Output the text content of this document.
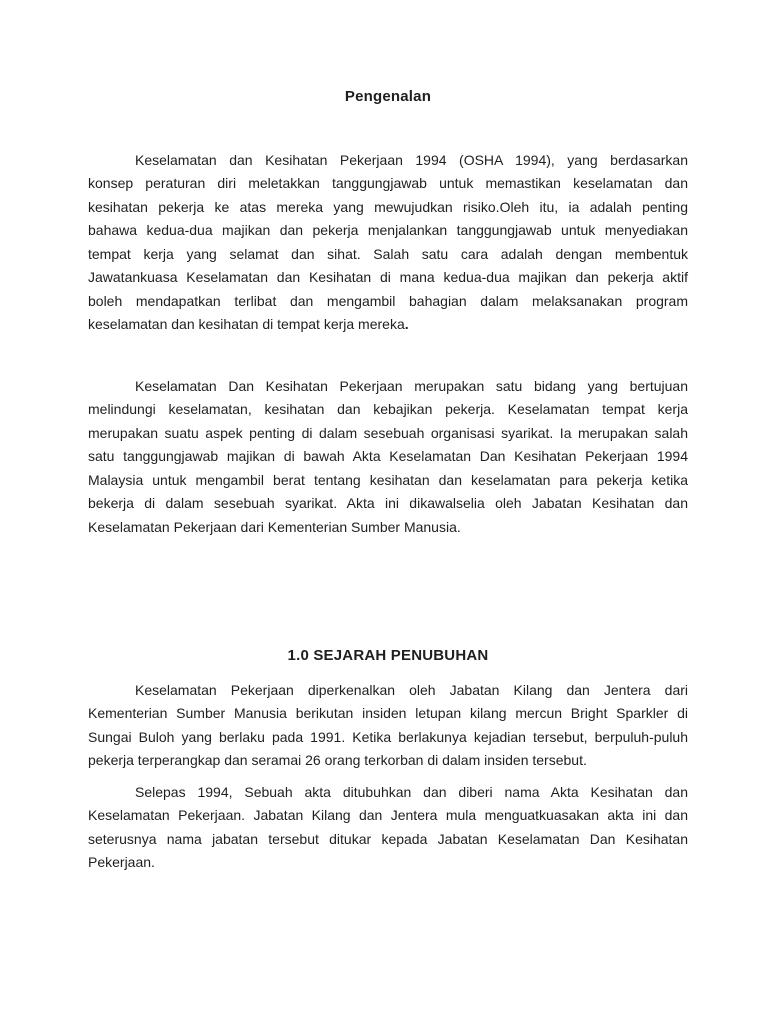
Pengenalan
Keselamatan dan Kesihatan Pekerjaan 1994 (OSHA 1994), yang berdasarkan
konsep peraturan diri meletakkan tanggungjawab untuk memastikan keselamatan dan
kesihatan pekerja ke atas mereka yang mewujudkan risiko.Oleh itu, ia adalah penting
bahawa kedua-dua majikan dan pekerja menjalankan tanggungjawab untuk menyediakan
tempat kerja yang selamat dan sihat. Salah satu cara adalah dengan membentuk
Jawatankuasa Keselamatan dan Kesihatan di mana kedua-dua majikan dan pekerja aktif
boleh mendapatkan terlibat dan mengambil bahagian dalam melaksanakan program
keselamatan dan kesihatan di tempat kerja mereka.
Keselamatan Dan Kesihatan Pekerjaan merupakan satu bidang yang bertujuan
melindungi keselamatan, kesihatan dan kebajikan pekerja. Keselamatan tempat kerja
merupakan suatu aspek penting di dalam sesebuah organisasi syarikat. Ia merupakan salah
satu tanggungjawab majikan di bawah Akta Keselamatan Dan Kesihatan Pekerjaan 1994
Malaysia untuk mengambil berat tentang kesihatan dan keselamatan para pekerja ketika
bekerja di dalam sesebuah syarikat. Akta ini dikawalselia oleh Jabatan Kesihatan dan
Keselamatan Pekerjaan dari Kementerian Sumber Manusia.
1.0 SEJARAH PENUBUHAN
Keselamatan Pekerjaan diperkenalkan oleh Jabatan Kilang dan Jentera dari
Kementerian Sumber Manusia berikutan insiden letupan kilang mercun Bright Sparkler di
Sungai Buloh yang berlaku pada 1991. Ketika berlakunya kejadian tersebut, berpuluh-puluh
pekerja terperangkap dan seramai 26 orang terkorban di dalam insiden tersebut.
Selepas 1994, Sebuah akta ditubuhkan dan diberi nama Akta Kesihatan dan
Keselamatan Pekerjaan. Jabatan Kilang dan Jentera mula menguatkuasakan akta ini dan
seterusnya nama jabatan tersebut ditukar kepada Jabatan Keselamatan Dan Kesihatan
Pekerjaan.
